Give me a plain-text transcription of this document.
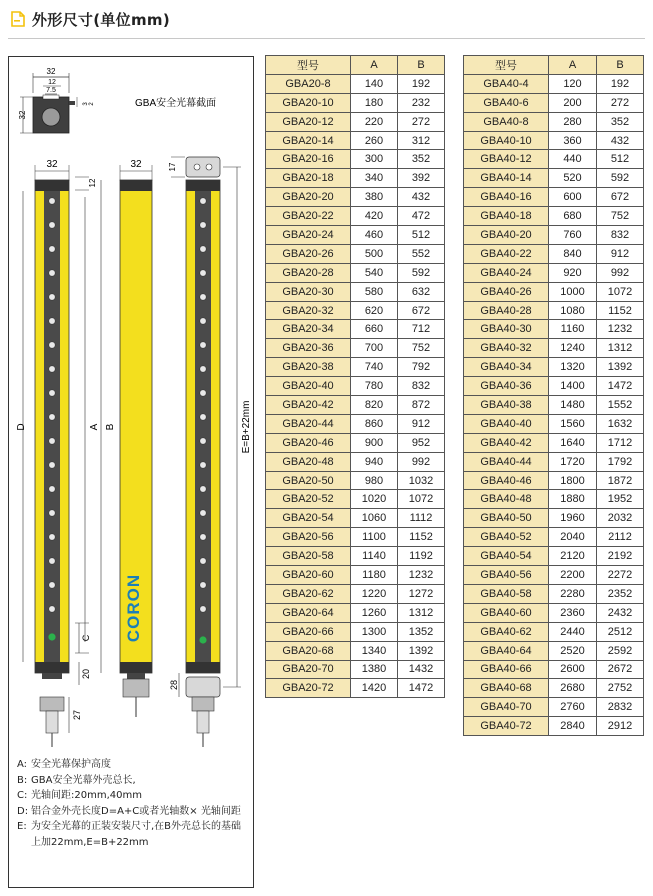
外形尺寸(单位mm)
32
12
7.5
32
3 2	GBA安全光幕截面
32	32
12
17
D	A B
C
20
27
CORON
E=B+22mm
28
A: 安全光幕保护高度
B: GBA安全光幕外壳总长,
C: 光轴间距:20mm,40mm
D: 铝合金外壳长度D=A+C或者光轴数× 光轴间距
E: 为安全光幕的正装安装尺寸,在B外壳总长的基础上加22mm,E=B+22mm
型号	A	B
GBA20-8	140	192
GBA20-10	180	232
GBA20-12	220	272
GBA20-14	260	312
GBA20-16	300	352
GBA20-18	340	392
GBA20-20	380	432
GBA20-22	420	472
GBA20-24	460	512
GBA20-26	500	552
GBA20-28	540	592
GBA20-30	580	632
GBA20-32	620	672
GBA20-34	660	712
GBA20-36	700	752
GBA20-38	740	792
GBA20-40	780	832
GBA20-42	820	872
GBA20-44	860	912
GBA20-46	900	952
GBA20-48	940	992
GBA20-50	980	1032
GBA20-52	1020	1072
GBA20-54	1060	1112
GBA20-56	1100	1152
GBA20-58	1140	1192
GBA20-60	1180	1232
GBA20-62	1220	1272
GBA20-64	1260	1312
GBA20-66	1300	1352
GBA20-68	1340	1392
GBA20-70	1380	1432
GBA20-72	1420	1472
型号	A	B
GBA40-4	120	192
GBA40-6	200	272
GBA40-8	280	352
GBA40-10	360	432
GBA40-12	440	512
GBA40-14	520	592
GBA40-16	600	672
GBA40-18	680	752
GBA40-20	760	832
GBA40-22	840	912
GBA40-24	920	992
GBA40-26	1000	1072
GBA40-28	1080	1152
GBA40-30	1160	1232
GBA40-32	1240	1312
GBA40-34	1320	1392
GBA40-36	1400	1472
GBA40-38	1480	1552
GBA40-40	1560	1632
GBA40-42	1640	1712
GBA40-44	1720	1792
GBA40-46	1800	1872
GBA40-48	1880	1952
GBA40-50	1960	2032
GBA40-52	2040	2112
GBA40-54	2120	2192
GBA40-56	2200	2272
GBA40-58	2280	2352
GBA40-60	2360	2432
GBA40-62	2440	2512
GBA40-64	2520	2592
GBA40-66	2600	2672
GBA40-68	2680	2752
GBA40-70	2760	2832
GBA40-72	2840	2912
